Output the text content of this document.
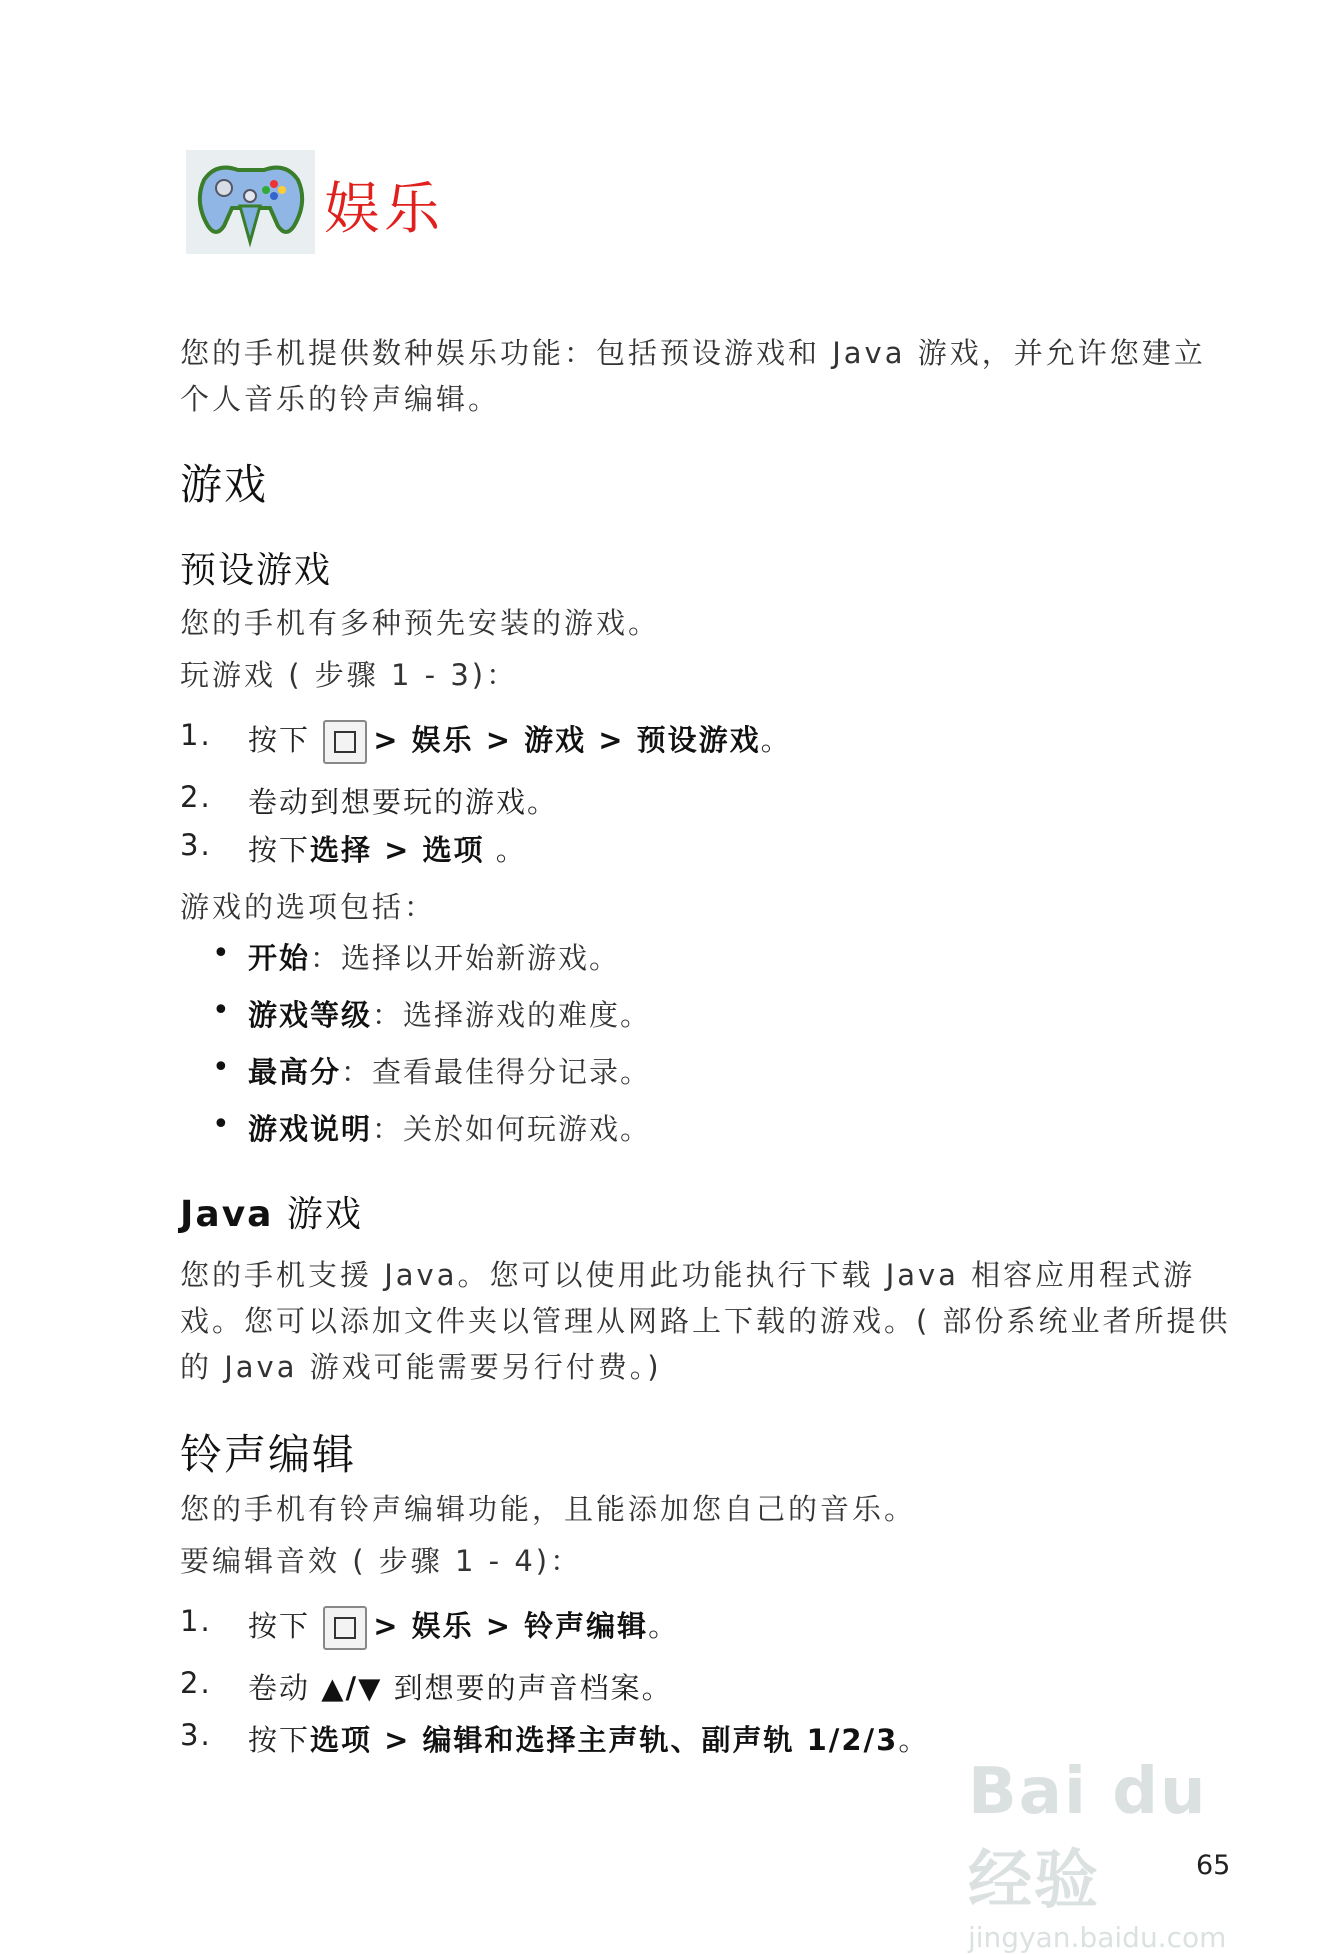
娱乐
您的手机提供数种娱乐功能：包括预设游戏和 Java 游戏，并允许您建立
个人音乐的铃声编辑。
游戏
预设游戏
您的手机有多种预先安装的游戏。
玩游戏 ( 步骤 1 - 3)：
1. 按下 > 娱乐 > 游戏 > 预设游戏。
2. 卷动到想要玩的游戏。
3. 按下选择 > 选项 。
游戏的选项包括：
• 开始：选择以开始新游戏。
• 游戏等级：选择游戏的难度。
• 最高分：查看最佳得分记录。
• 游戏说明：关於如何玩游戏。
Java 游戏
您的手机支援 Java。您可以使用此功能执行下载 Java 相容应用程式游
戏。您可以添加文件夹以管理从网路上下载的游戏。( 部份系统业者所提供
的 Java 游戏可能需要另行付费。)
铃声编辑
您的手机有铃声编辑功能，且能添加您自己的音乐。
要编辑音效 ( 步骤 1 - 4)：
1. 按下 > 娱乐 > 铃声编辑。
2. 卷动 ▲/▼ 到想要的声音档案。
3. 按下选项 > 编辑和选择主声轨、副声轨 1/2/3。
Bai du 经验
jingyan.baidu.com
65
